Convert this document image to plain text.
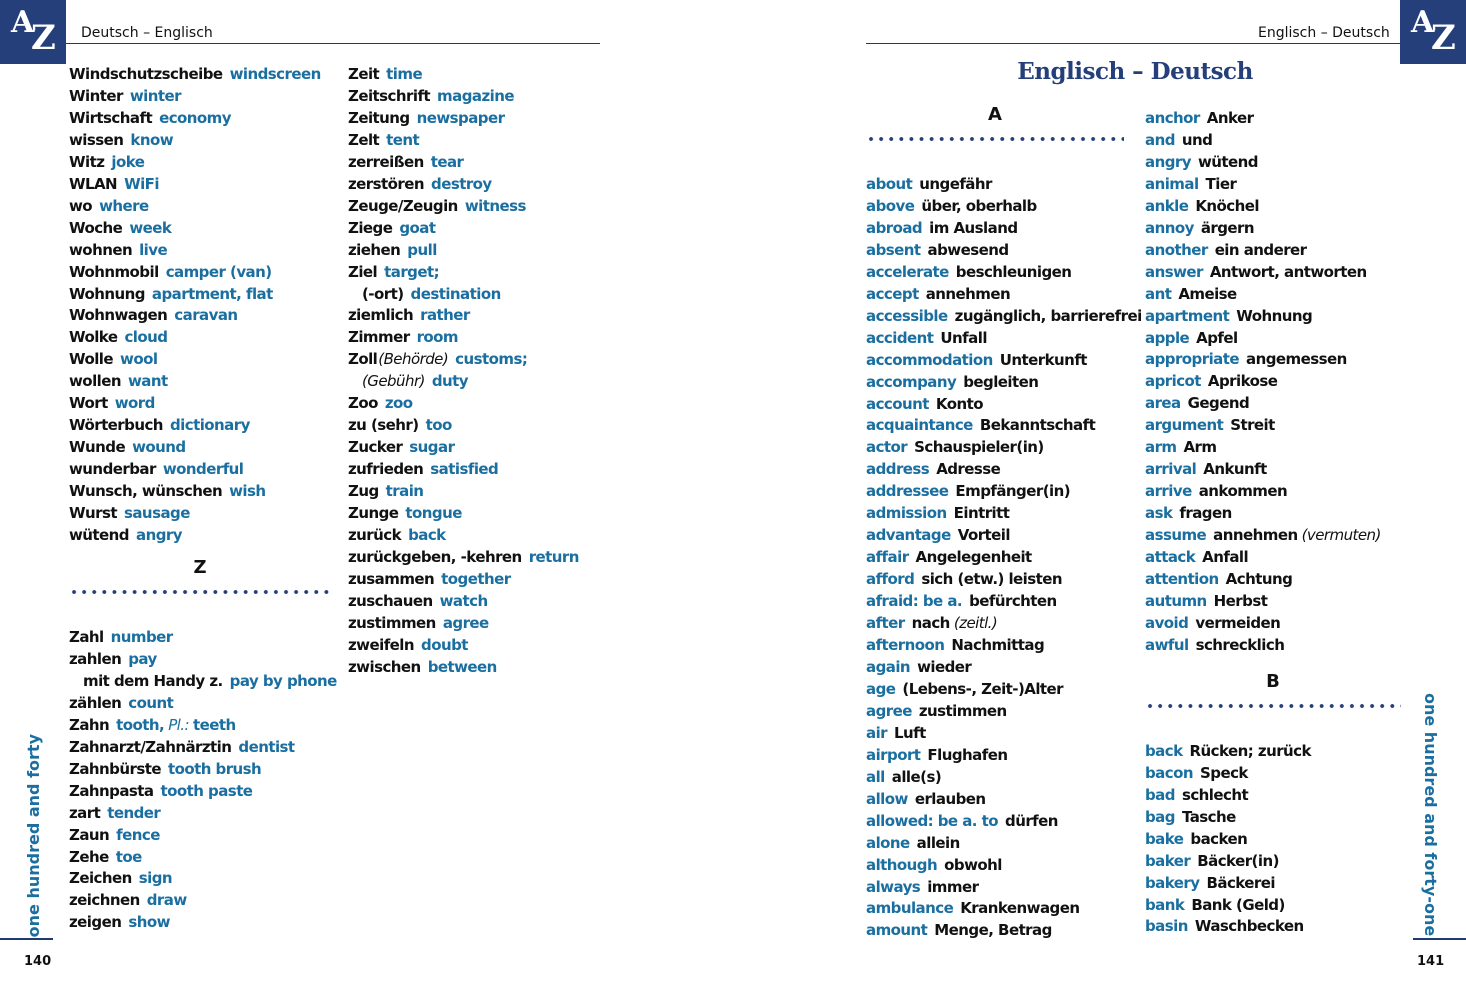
A
Z Deutsch – Englisch
Windschutzscheibe windscreen
Winter winter
Wirtschaft economy
wissen know
Witz joke
WLAN WiFi
wo where
Woche week
wohnen live
Wohnmobil camper (van)
Wohnung apartment, flat
Wohnwagen caravan
Wolke cloud
Wolle wool
wollen want
Wort word
Wörterbuch dictionary
Wunde wound
wunderbar wonderful
Wunsch, wünschen wish
Wurst sausage
wütend angry
Z
Zahl number
zahlen pay
mit dem Handy z. pay by phone
zählen count
Zahn tooth, Pl.: teeth
Zahnarzt/Zahnärztin dentist
Zahnbürste tooth brush
Zahnpasta tooth paste
zart tender
Zaun fence
Zehe toe
Zeichen sign
zeichnen draw
zeigen show
Zeit time
Zeitschrift magazine
Zeitung newspaper
Zelt tent
zerreißen tear
zerstören destroy
Zeuge/Zeugin witness
Ziege goat
ziehen pull
Ziel target;
(-ort) destination
ziemlich rather
Zimmer room
Zoll(Behörde) customs;
(Gebühr) duty
Zoo zoo
zu (sehr) too
Zucker sugar
zufrieden satisfied
Zug train
Zunge tongue
zurück back
zurückgeben, -kehren return
zusammen together
zuschauen watch
zustimmen agree
zweifeln doubt
zwischen between
one hundred and forty
140
A
Z
Englisch – Deutsch
Englisch – Deutsch
A
about ungefähr
above über, oberhalb
abroad im Ausland
absent abwesend
accelerate beschleunigen
accept annehmen
accessible zugänglich, barrierefrei
accident Unfall
accommodation Unterkunft
accompany begleiten
account Konto
acquaintance Bekanntschaft
actor Schauspieler(in)
address Adresse
addressee Empfänger(in)
admission Eintritt
advantage Vorteil
affair Angelegenheit
afford sich (etw.) leisten
afraid: be a. befürchten
after nach (zeitl.)
afternoon Nachmittag
again wieder
age (Lebens-, Zeit-)Alter
agree zustimmen
air Luft
airport Flughafen
all alle(s)
allow erlauben
allowed: be a. to dürfen
alone allein
although obwohl
always immer
ambulance Krankenwagen
amount Menge, Betrag
anchor Anker
and und
angry wütend
animal Tier
ankle Knöchel
annoy ärgern
another ein anderer
answer Antwort, antworten
ant Ameise
apartment Wohnung
apple Apfel
appropriate angemessen
apricot Aprikose
area Gegend
argument Streit
arm Arm
arrival Ankunft
arrive ankommen
ask fragen
assume annehmen (vermuten)
attack Anfall
attention Achtung
autumn Herbst
avoid vermeiden
awful schrecklich
B
back Rücken; zurück
bacon Speck
bad schlecht
bag Tasche
bake backen
baker Bäcker(in)
bakery Bäckerei
bank Bank (Geld)
basin Waschbecken	one hundred and forty-one
141
